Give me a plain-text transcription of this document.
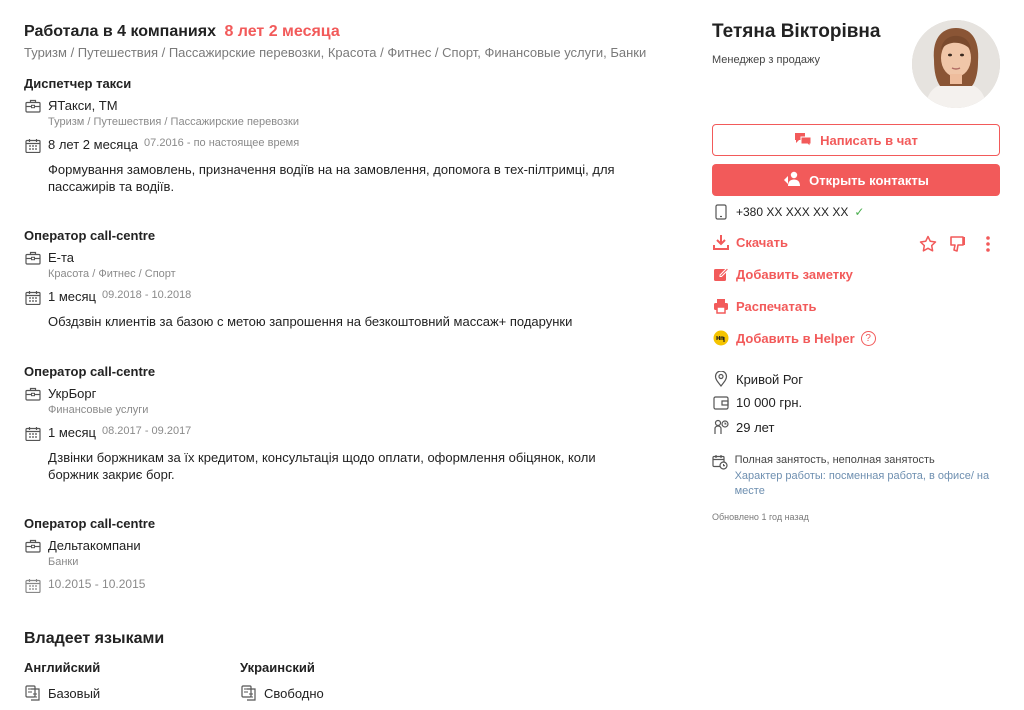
Работала в 4 компаниях 8 лет 2 месяца
Туризм / Путешествия / Пассажирские перевозки, Красота / Фитнес / Спорт, Финансовые услуги, Банки
Диспетчер такси
ЯТакси, ТМ
Туризм / Путешествия / Пассажирские перевозки
8 лет 2 месяца 07.2016 - по настоящее время
Формування замовлень, призначення водіїв на на замовлення, допомога в тех-пілтримці, для пассажирів та водіїв.
Оператор call-centre
Е-та
Красота / Фитнес / Спорт
1 месяц 09.2018 - 10.2018
Обздзвін клиентів за базою с метою запрошення на безкоштовний массаж+ подарунки
Оператор call-centre
УкрБорг
Финансовые услуги
1 месяц 08.2017 - 09.2017
Дзвінки боржникам за їх кредитом, консультація щодо оплати, оформлення обіцянок, коли боржник закриє борг.
Оператор call-centre
Дельтакомпани
Банки
10.2015 - 10.2015
Владеет языками
Английский
Базовый
Украинский
Свободно
Тетяна Вікторівна
Менеджер з продажу
Написать в чат
Открыть контакты
+380 XX XXX XX XX ✓
Скачать
Добавить заметку
Распечатать
Добавить в Helper	?
Кривой Рог
10 000 грн.
29 лет
Полная занятость, неполная занятость
Характер работы: посменная работа, в офисе/ на месте
Обновлено 1 год назад
